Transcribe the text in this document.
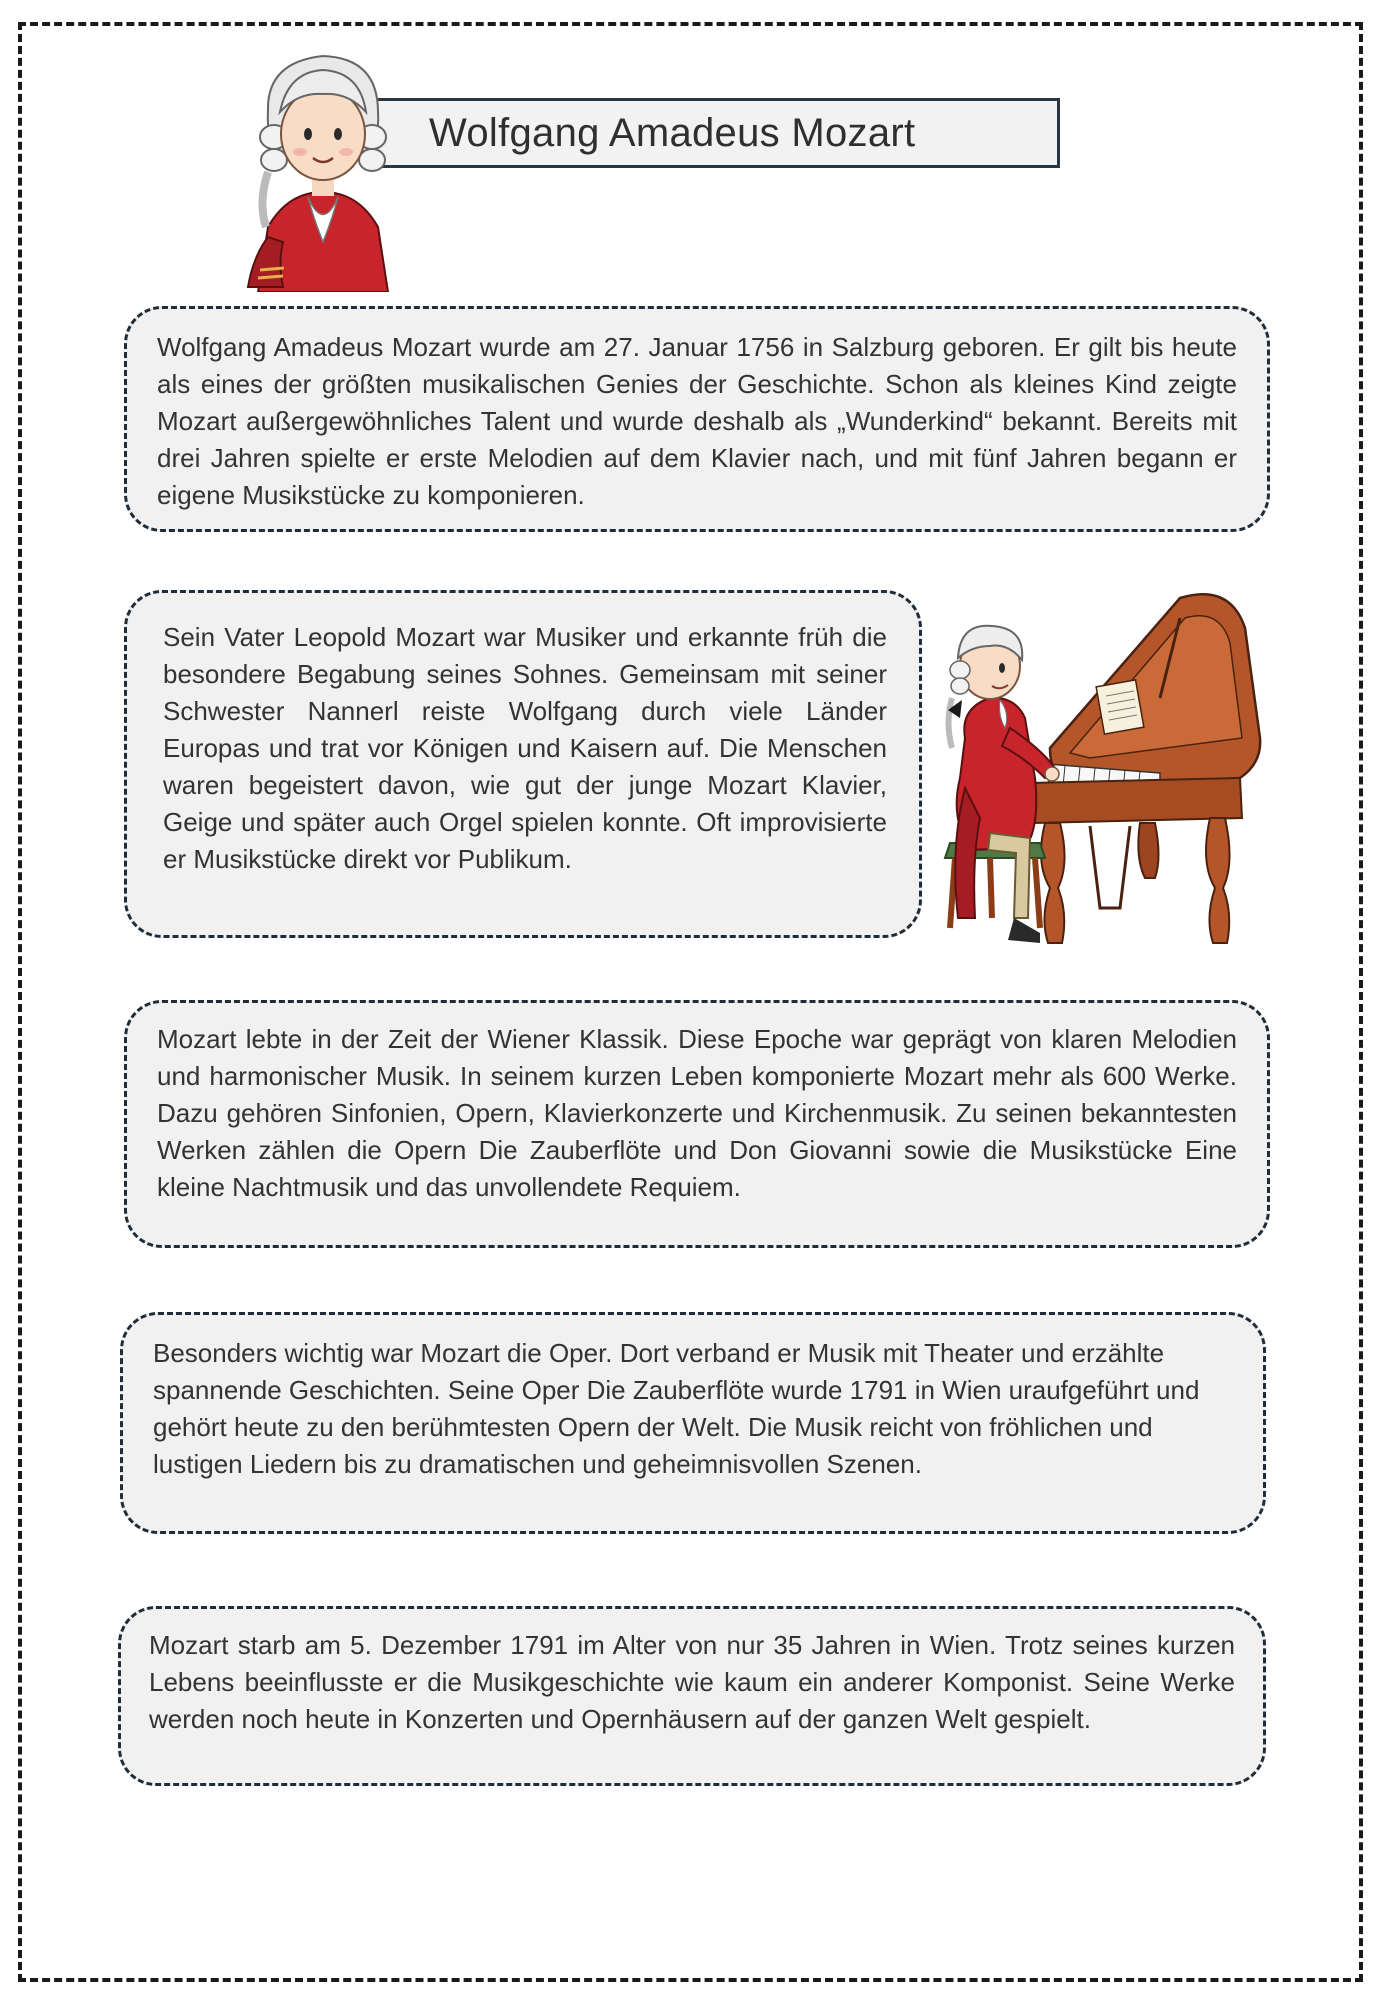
Wolfgang Amadeus Mozart
Wolfgang Amadeus Mozart wurde am 27. Januar 1756 in Salzburg geboren. Er gilt bis heute als eines der größten musikalischen Genies der Geschichte. Schon als kleines Kind zeigte Mozart außergewöhnliches Talent und wurde deshalb als „Wunderkind“ bekannt. Bereits mit drei Jahren spielte er erste Melodien auf dem Klavier nach, und mit fünf Jahren begann er eigene Musikstücke zu komponieren.
Sein Vater Leopold Mozart war Musiker und erkannte früh die besondere Begabung seines Sohnes. Gemeinsam mit seiner Schwester Nannerl reiste Wolfgang durch viele Länder Europas und trat vor Königen und Kaisern auf. Die Menschen waren begeistert davon, wie gut der junge Mozart Klavier, Geige und später auch Orgel spielen konnte. Oft improvisierte er Musikstücke direkt vor Publikum.
Mozart lebte in der Zeit der Wiener Klassik. Diese Epoche war geprägt von klaren Melodien und harmonischer Musik. In seinem kurzen Leben komponierte Mozart mehr als 600 Werke. Dazu gehören Sinfonien, Opern, Klavierkonzerte und Kirchenmusik. Zu seinen bekanntesten Werken zählen die Opern Die Zauberflöte und Don Giovanni sowie die Musikstücke Eine kleine Nachtmusik und das unvollendete Requiem.
Besonders wichtig war Mozart die Oper. Dort verband er Musik mit Theater und erzählte spannende Geschichten. Seine Oper Die Zauberflöte wurde 1791 in Wien uraufgeführt und gehört heute zu den berühmtesten Opern der Welt. Die Musik reicht von fröhlichen und lustigen Liedern bis zu dramatischen und geheimnisvollen Szenen.
Mozart starb am 5. Dezember 1791 im Alter von nur 35 Jahren in Wien. Trotz seines kurzen Lebens beeinflusste er die Musikgeschichte wie kaum ein anderer Komponist. Seine Werke werden noch heute in Konzerten und Opernhäusern auf der ganzen Welt gespielt.
